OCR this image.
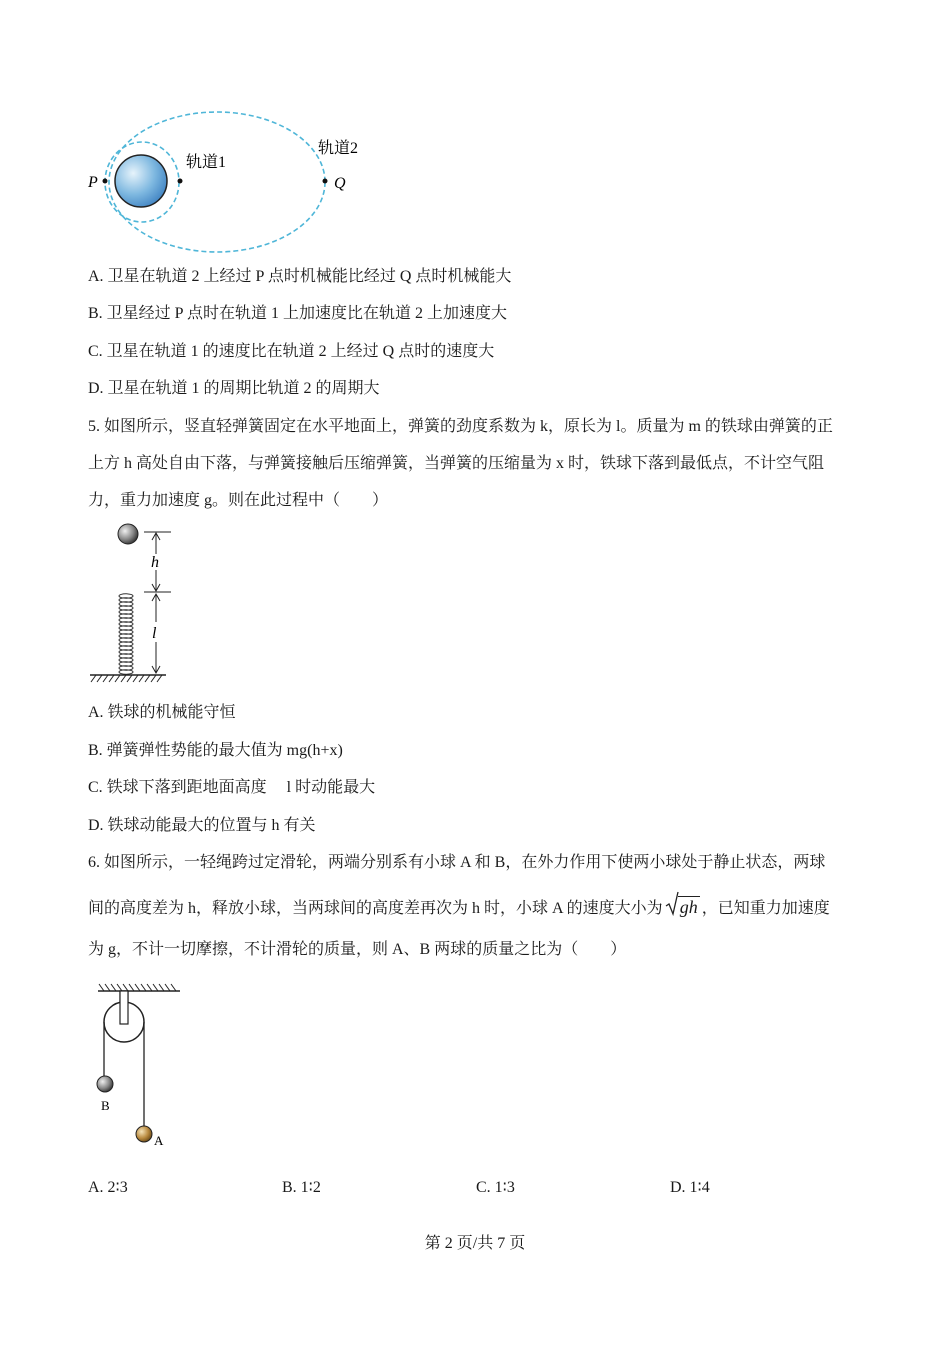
P	Q
轨道1
轨道2
A. 卫星在轨道 2 上经过 P 点时机械能比经过 Q 点时机械能大
B. 卫星经过 P 点时在轨道 1 上加速度比在轨道 2 上加速度大
C. 卫星在轨道 1 的速度比在轨道 2 上经过 Q 点时的速度大
D. 卫星在轨道 1 的周期比轨道 2 的周期大
5. 如图所示，竖直轻弹簧固定在水平地面上，弹簧的劲度系数为 k，原长为 l。质量为 m 的铁球由弹簧的正
上方 h 高处自由下落，与弹簧接触后压缩弹簧，当弹簧的压缩量为 x 时，铁球下落到最低点，不计空气阻
力，重力加速度 g。则在此过程中（　　）
h
l
A. 铁球的机械能守恒
B. 弹簧弹性势能的最大值为 mg(h+x)
C. 铁球下落到距地面高度 　l 时动能最大
D. 铁球动能最大的位置与 h 有关
6. 如图所示，一轻绳跨过定滑轮，两端分别系有小球 A 和 B，在外力作用下使两小球处于静止状态，两球
间的高度差为 h，释放小球，当两球间的高度差再次为 h 时，小球 A 的速度大小为 gh ，已知重力加速度
为 g，不计一切摩擦，不计滑轮的质量，则 A、B 两球的质量之比为（　　）
B
A
A. 2∶3	B. 1∶2	C. 1∶3	D. 1∶4
第 2 页/共 7 页
